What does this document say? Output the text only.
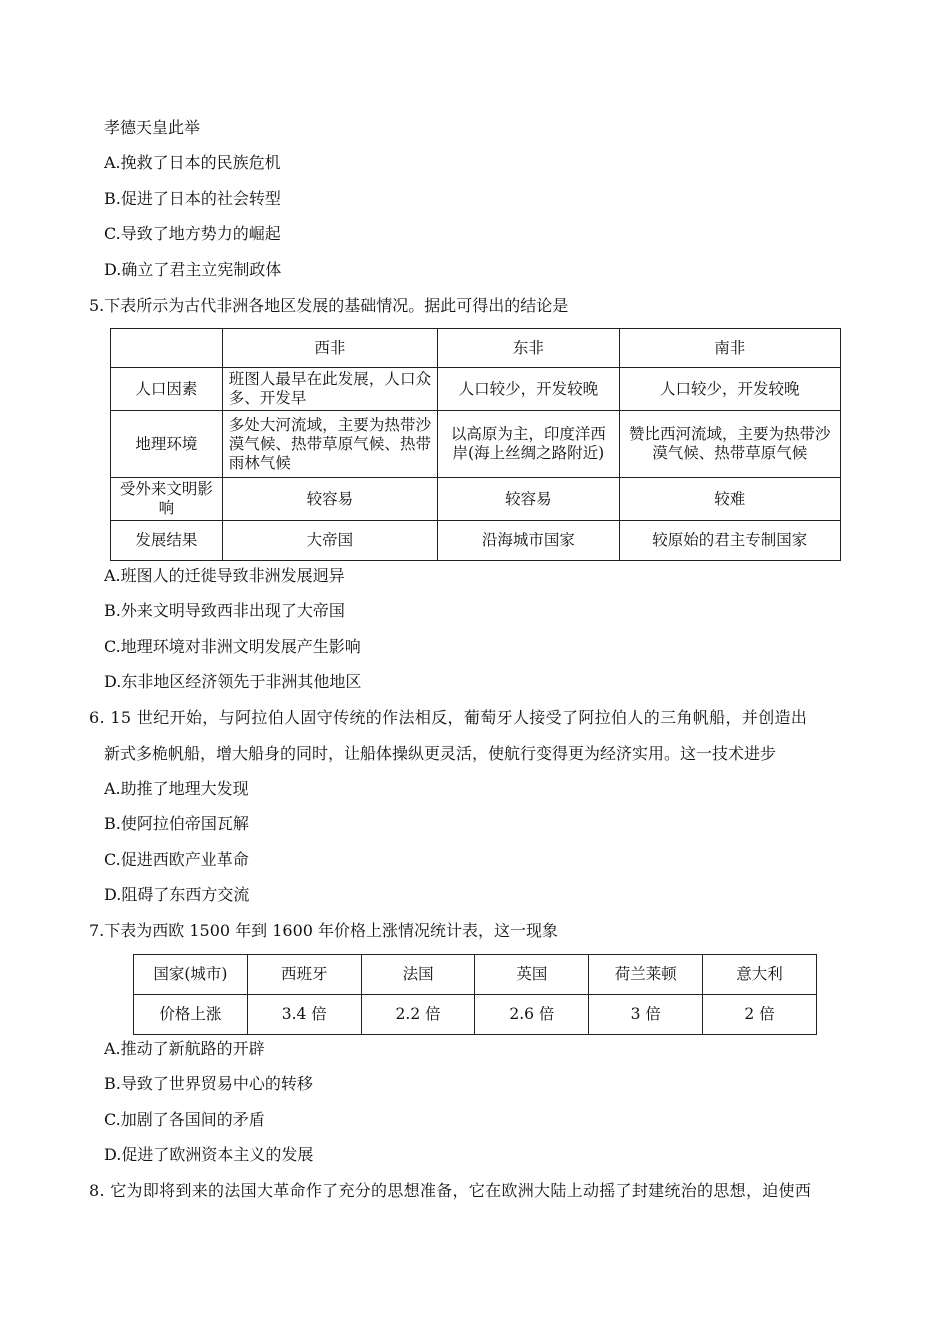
孝德天皇此举
A.挽救了日本的民族危机
B.促进了日本的社会转型
C.导致了地方势力的崛起
D.确立了君主立宪制政体
5.下表所示为古代非洲各地区发展的基础情况。据此可得出的结论是
	西非	东非	南非
人口因素	班图人最早在此发展，人口众多、开发早	人口较少，开发较晚	人口较少，开发较晚
地理环境	多处大河流域，主要为热带沙漠气候、热带草原气候、热带雨林气候	以高原为主，印度洋西岸(海上丝绸之路附近)	赞比西河流域，主要为热带沙漠气候、热带草原气候
受外来文明影响	较容易	较容易	较难
发展结果	大帝国	沿海城市国家	较原始的君主专制国家
A.班图人的迁徙导致非洲发展迥异
B.外来文明导致西非出现了大帝国
C.地理环境对非洲文明发展产生影响
D.东非地区经济领先于非洲其他地区
6. 15 世纪开始，与阿拉伯人固守传统的作法相反，葡萄牙人接受了阿拉伯人的三角帆船，并创造出
新式多桅帆船，增大船身的同时，让船体操纵更灵活，使航行变得更为经济实用。这一技术进步
A.助推了地理大发现
B.使阿拉伯帝国瓦解
C.促进西欧产业革命
D.阻碍了东西方交流
7.下表为西欧 1500 年到 1600 年价格上涨情况统计表，这一现象
国家(城市)	西班牙	法国	英国	荷兰莱顿	意大利
价格上涨	3.4 倍	2.2 倍	2.6 倍	3 倍	2 倍
A.推动了新航路的开辟
B.导致了世界贸易中心的转移
C.加剧了各国间的矛盾
D.促进了欧洲资本主义的发展
8. 它为即将到来的法国大革命作了充分的思想准备，它在欧洲大陆上动摇了封建统治的思想，迫使西
